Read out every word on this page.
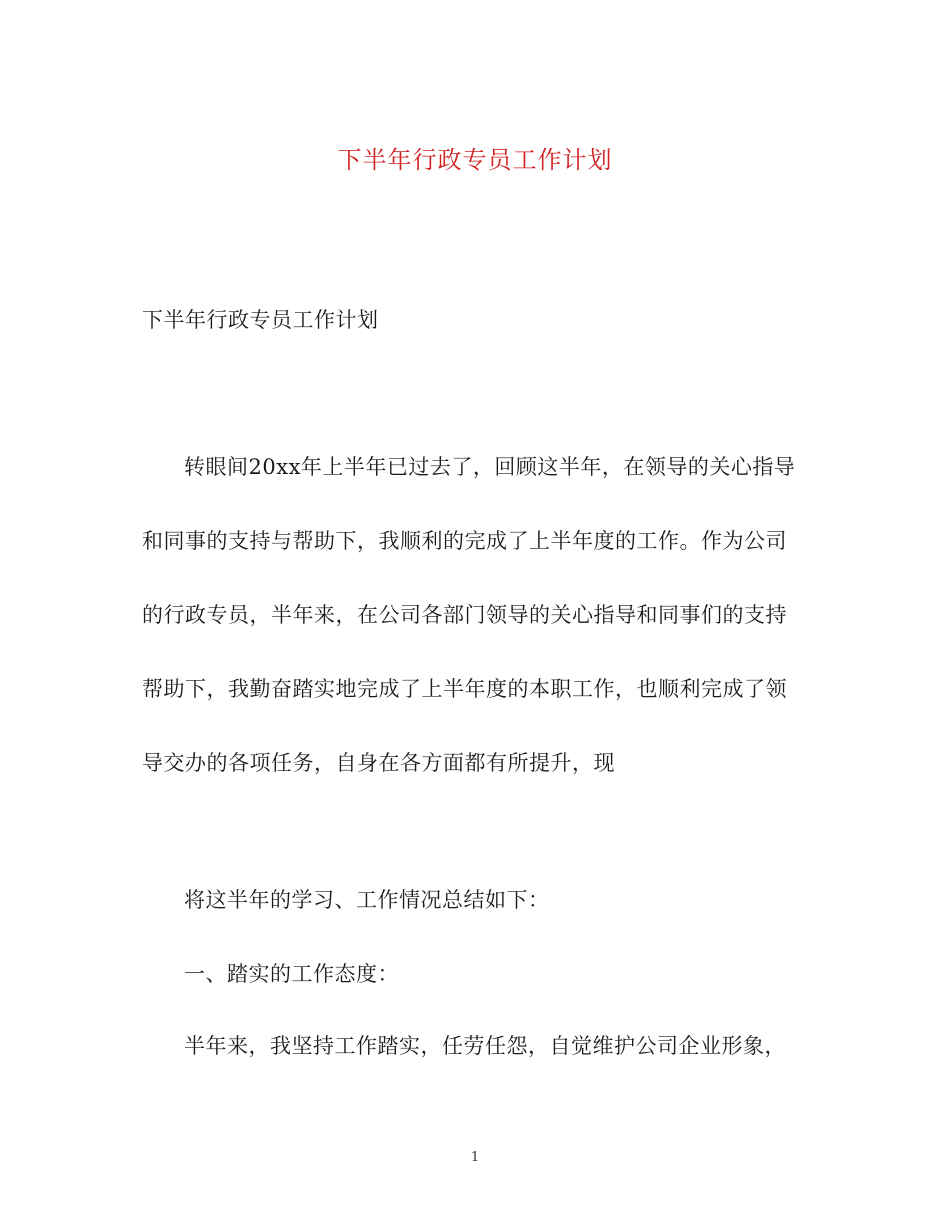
下半年行政专员工作计划
下半年行政专员工作计划
转眼间20xx年上半年已过去了，回顾这半年，在领导的关心指导
和同事的支持与帮助下，我顺利的完成了上半年度的工作。作为公司
的行政专员，半年来，在公司各部门领导的关心指导和同事们的支持
帮助下，我勤奋踏实地完成了上半年度的本职工作，也顺利完成了领
导交办的各项任务，自身在各方面都有所提升，现
将这半年的学习、工作情况总结如下：
一、踏实的工作态度：
半年来，我坚持工作踏实，任劳任怨，自觉维护公司企业形象，
1
